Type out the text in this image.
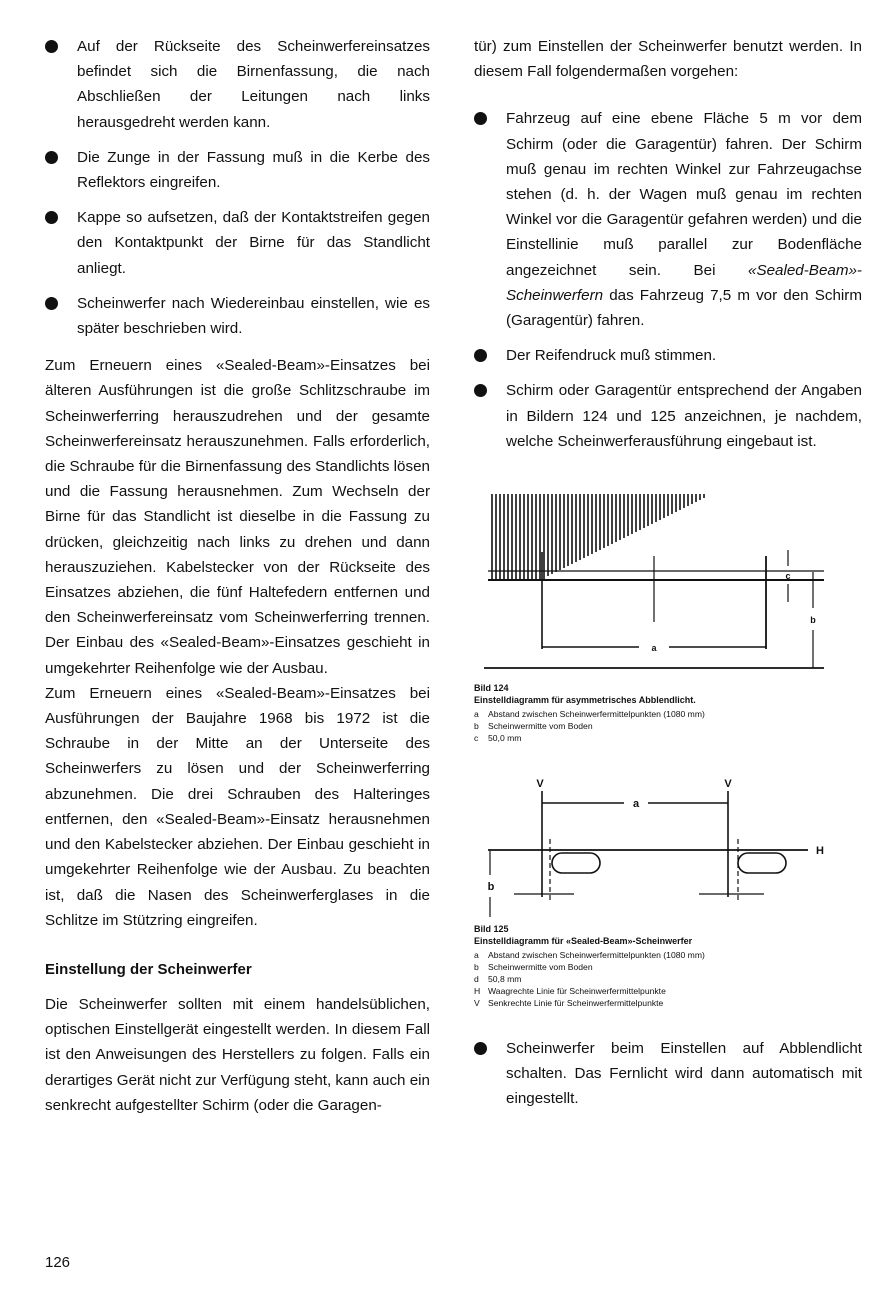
Auf der Rückseite des Scheinwerfereinsatzes befindet sich die Birnenfassung, die nach Abschließen der Leitungen nach links herausgedreht werden kann.
Die Zunge in der Fassung muß in die Kerbe des Reflektors eingreifen.
Kappe so aufsetzen, daß der Kontaktstreifen gegen den Kontaktpunkt der Birne für das Standlicht anliegt.
Scheinwerfer nach Wiedereinbau einstellen, wie es später beschrieben wird.

Zum Erneuern eines «Sealed-Beam»-Einsatzes bei älteren Ausführungen ist die große Schlitzschraube im Scheinwerferring herauszudrehen und der gesamte Scheinwerfereinsatz herauszunehmen. Falls erforderlich, die Schraube für die Birnenfassung des Standlichts lösen und die Fassung herausnehmen. Zum Wechseln der Birne für das Standlicht ist dieselbe in die Fassung zu drücken, gleichzeitig nach links zu drehen und dann herauszuziehen. Kabelstecker von der Rückseite des Einsatzes abziehen, die fünf Haltefedern entfernen und den Scheinwerfereinsatz vom Scheinwerferring trennen. Der Einbau des «Sealed-Beam»-Einsatzes geschieht in umgekehrter Reihenfolge wie der Ausbau.

Zum Erneuern eines «Sealed-Beam»-Einsatzes bei Ausführungen der Baujahre 1968 bis 1972 ist die Schraube in der Mitte an der Unterseite des Scheinwerfers zu lösen und der Scheinwerferring abzunehmen. Die drei Schrauben des Halteringes entfernen, den «Sealed-Beam»-Einsatz herausnehmen und den Kabelstecker abziehen. Der Einbau geschieht in umgekehrter Reihenfolge wie der Ausbau. Zu beachten ist, daß die Nasen des Scheinwerferglases in die Schlitze im Stützring eingreifen.

Einstellung der Scheinwerfer

Die Scheinwerfer sollten mit einem handelsüblichen, optischen Einstellgerät eingestellt werden. In diesem Fall ist den Anweisungen des Herstellers zu folgen. Falls ein derartiges Gerät nicht zur Verfügung steht, kann auch ein senkrecht aufgestellter Schirm (oder die Garagen-

tür) zum Einstellen der Scheinwerfer benutzt werden. In diesem Fall folgendermaßen vorgehen:

Fahrzeug auf eine ebene Fläche 5 m vor dem Schirm (oder die Garagentür) fahren. Der Schirm muß genau im rechten Winkel zur Fahrzeugachse stehen (d. h. der Wagen muß genau im rechten Winkel vor die Garagentür gefahren werden) und die Einstellinie muß parallel zur Bodenfläche angezeichnet sein. Bei «Sealed-Beam»-Scheinwerfern das Fahrzeug 7,5 m vor den Schirm (Garagentür) fahren.
Der Reifendruck muß stimmen.
Schirm oder Garagentür entsprechend der Angaben in Bildern 124 und 125 anzeichnen, je nachdem, welche Scheinwerferausführung eingebaut ist.
a
c
b

Bild 124

Einstelldiagramm für asymmetrisches Abblendlicht.

a	Abstand zwischen Scheinwerfermittelpunkten (1080 mm)
b	Scheinwermitte vom Boden
c	50,0 mm
V	V
a
H
b

Bild 125

Einstelldiagramm für «Sealed-Beam»-Scheinwerfer

a	Abstand zwischen Scheinwerfermittelpunkten (1080 mm)
b	Scheinwermitte vom Boden
d	50,8 mm
H Waagrechte Linie für Scheinwerfermittelpunkte
V Senkrechte Linie für Scheinwerfermittelpunkte
Scheinwerfer beim Einstellen auf Abblendlicht schalten. Das Fernlicht wird dann automatisch mit eingestellt.
126
